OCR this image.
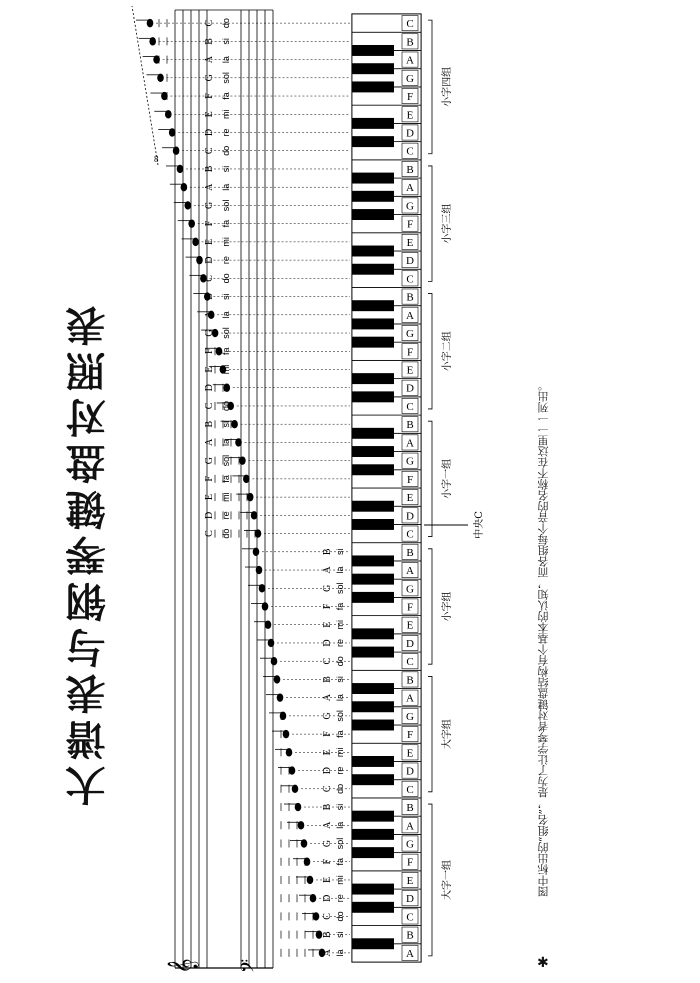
大谱表与钢琴键盘对照表	图中标出的“组名”，是为了让学琴者对键盘结构有个基本的认知，而各组每个音的名称不在这里一一列出。
✱
𝄞 𝄢
8
A la
B si
C do
D re
E mi
F fa
G sol
A la
B si
C do
D re
E mi
F fa
G sol
A la
B si
C do
D re
E mi
F fa
G sol
A la
B si
C do
D re
E mi
F fa
G sol
A la
B si
C do
D re
E mi
F fa
G sol
A la
B si
C do
D re
E mi
F fa
G sol
A la
B si
C do
D re
E mi
F fa
G sol
A la
B si
C do
A
B
C
D
E
F
G
A
B
C
D
E
F
G
A
B
C
D
E
F
G
A
B
C
D
E
F
G
A
B
C
D
E
F
G
A
B
C
D
E
F
G
A
B
C
D
E
F
G
A
B
C
大字一组
大字组
小字组
小字一组
小字二组
小字三组
小字四组
中央C
